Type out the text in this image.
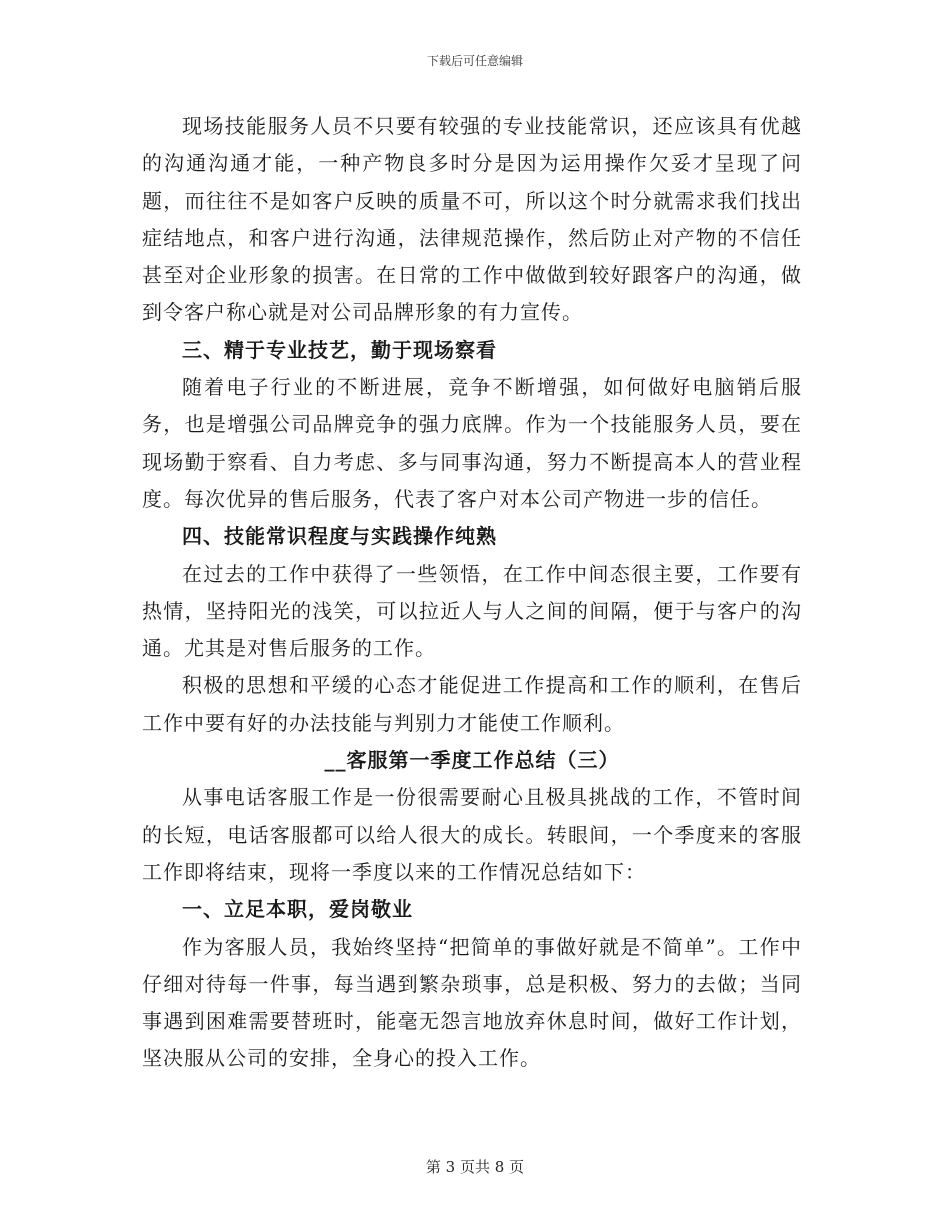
下载后可任意编辑

现场技能服务人员不只要有较强的专业技能常识，还应该具有优越的沟通沟通才能，一种产物良多时分是因为运用操作欠妥才呈现了问题，而往往不是如客户反映的质量不可，所以这个时分就需求我们找出症结地点，和客户进行沟通，法律规范操作，然后防止对产物的不信任甚至对企业形象的损害。在日常的工作中做做到较好跟客户的沟通，做到令客户称心就是对公司品牌形象的有力宣传。

三、精于专业技艺，勤于现场察看

随着电子行业的不断进展，竞争不断增强，如何做好电脑销后服务，也是增强公司品牌竞争的强力底牌。作为一个技能服务人员，要在现场勤于察看、自力考虑、多与同事沟通，努力不断提高本人的营业程度。每次优异的售后服务，代表了客户对本公司产物进一步的信任。

四、技能常识程度与实践操作纯熟

在过去的工作中获得了一些领悟，在工作中间态很主要，工作要有热情，坚持阳光的浅笑，可以拉近人与人之间的间隔，便于与客户的沟通。尤其是对售后服务的工作。

积极的思想和平缓的心态才能促进工作提高和工作的顺利，在售后工作中要有好的办法技能与判别力才能使工作顺利。

__客服第一季度工作总结（三）

从事电话客服工作是一份很需要耐心且极具挑战的工作，不管时间的长短，电话客服都可以给人很大的成长。转眼间，一个季度来的客服工作即将结束，现将一季度以来的工作情况总结如下：

一、立足本职，爱岗敬业

作为客服人员，我始终坚持“把简单的事做好就是不简单”。工作中仔细对待每一件事，每当遇到繁杂琐事，总是积极、努力的去做；当同事遇到困难需要替班时，能毫无怨言地放弃休息时间，做好工作计划，坚决服从公司的安排，全身心的投入工作。

第 3 页共 8 页
